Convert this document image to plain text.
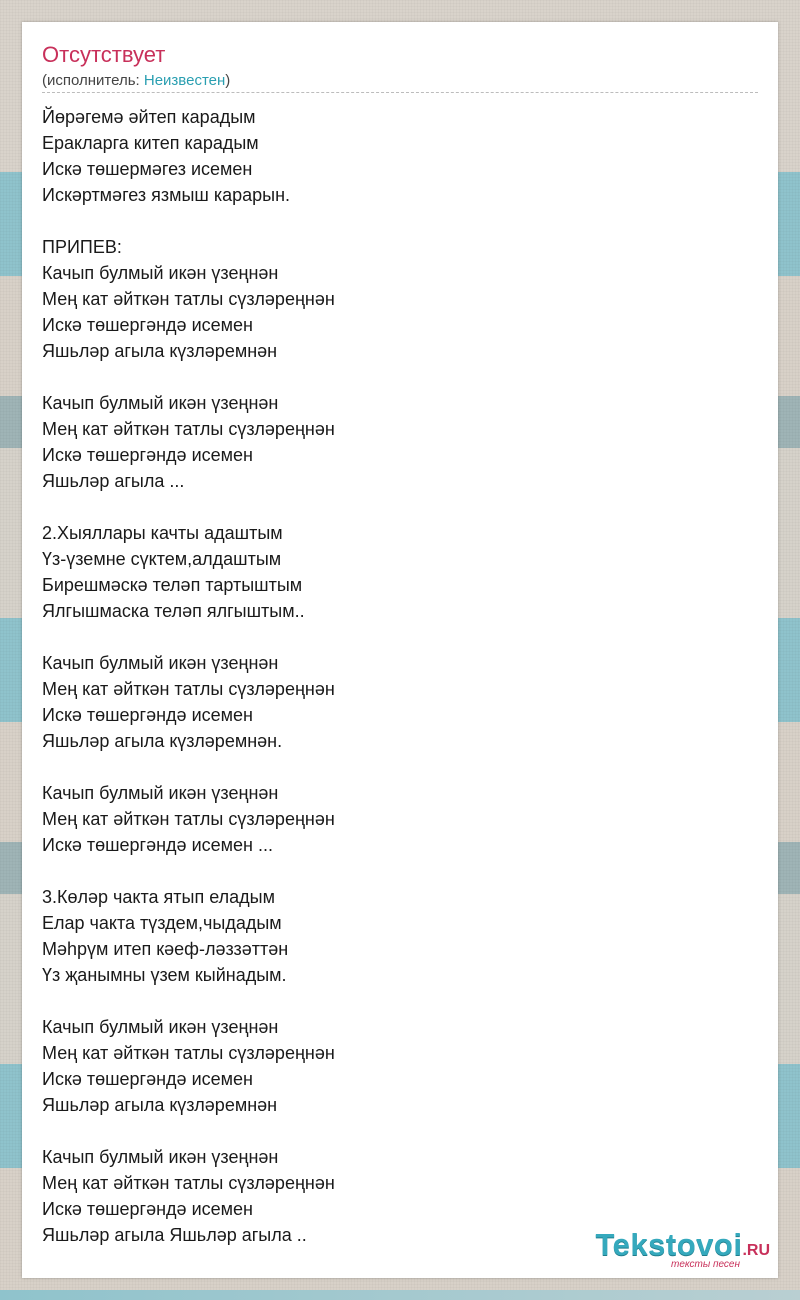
Отсутствует
(исполнитель: Неизвестен)
Йөрәгемә әйтеп карадым
Еракларга китеп карадым
Искә төшермәгез исемен
Искәртмәгез язмыш карарын.

ПРИПЕВ:
Качып булмый икән үзеңнән
Мең кат әйткән татлы сүзләреңнән
Искә төшергәндә исемен
Яшьләр агыла күзләремнән

Качып булмый икән үзеңнән
Мең кат әйткән татлы сүзләреңнән
Искә төшергәндә исемен
Яшьләр агыла ...

2.Хыяллары качты адаштым
Үз-үземне сүктем,алдаштым
Бирешмәскә теләп тартыштым
Ялгышмаска теләп ялгыштым..

Качып булмый икән үзеңнән
Мең кат әйткән татлы сүзләреңнән
Искә төшергәндә исемен
Яшьләр агыла күзләремнән.

Качып булмый икән үзеңнән
Мең кат әйткән татлы сүзләреңнән
Искә төшергәндә исемен ...

3.Көләр чакта ятып еладым
Елар чакта түздем,чыдадым
Мәһрүм итеп кәеф-ләззәттән
Үз җанымны үзем кыйнадым.

Качып булмый икән үзеңнән
Мең кат әйткән татлы сүзләреңнән
Искә төшергәндә исемен
Яшьләр агыла күзләремнән

Качып булмый икән үзеңнән
Мең кат әйткән татлы сүзләреңнән
Искә төшергәндә исемен
Яшьләр агыла Яшьләр агыла ..	Tekstovoi.RU
тексты песен
